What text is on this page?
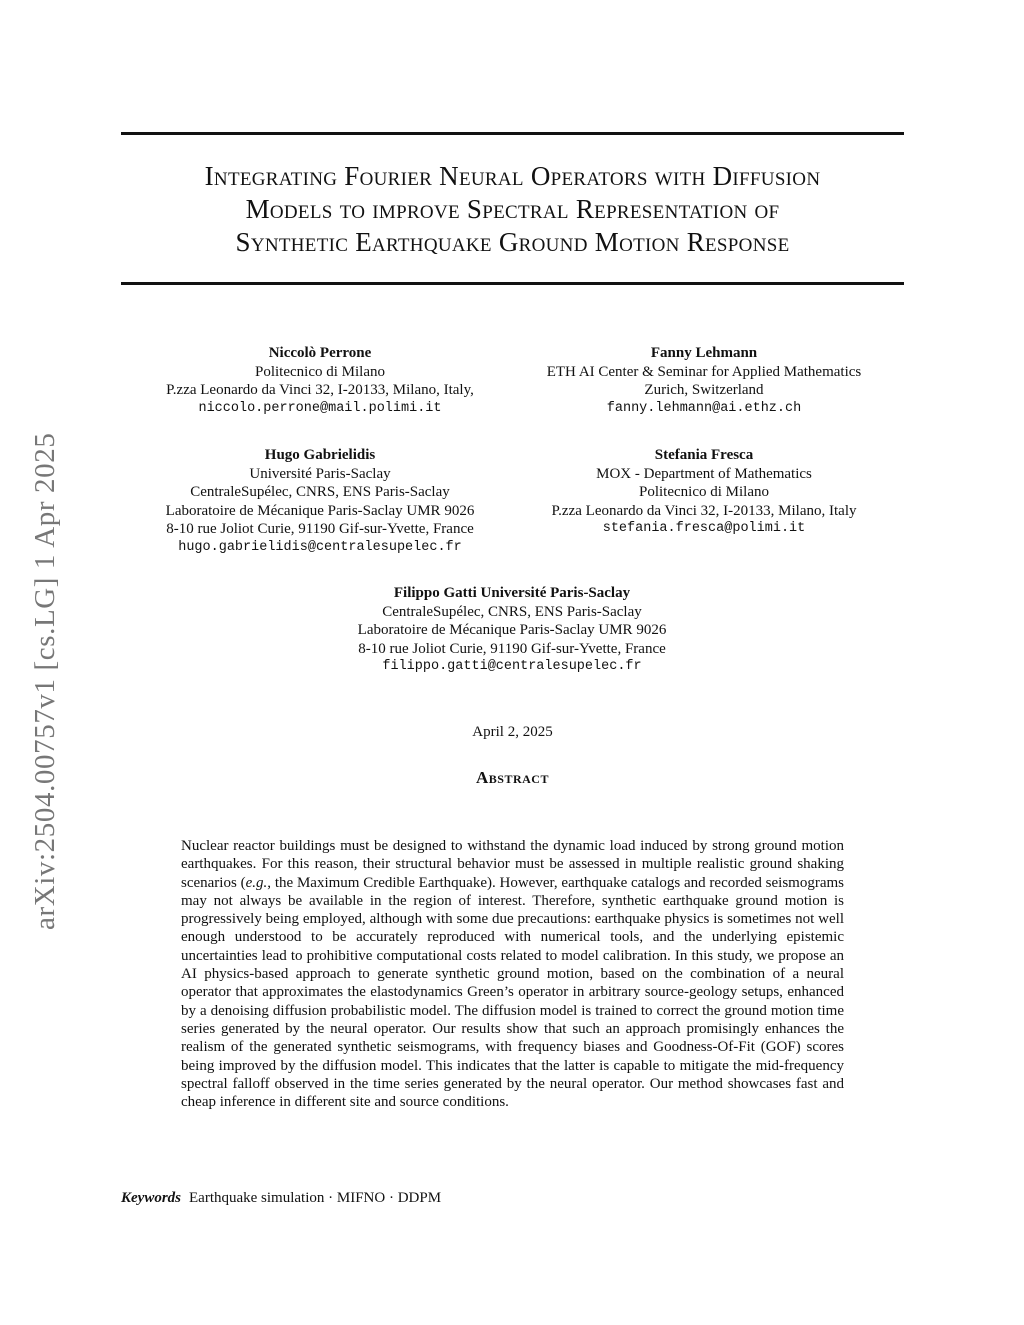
arXiv:2504.00757v1 [cs.LG] 1 Apr 2025
Integrating Fourier Neural Operators with Diffusion
Models to improve Spectral Representation of
Synthetic Earthquake Ground Motion Response
Niccolò Perrone
Politecnico di Milano
P.zza Leonardo da Vinci 32, I-20133, Milano, Italy,
niccolo.perrone@mail.polimi.it
Fanny Lehmann
ETH AI Center & Seminar for Applied Mathematics
Zurich, Switzerland
fanny.lehmann@ai.ethz.ch
Hugo Gabrielidis
Université Paris-Saclay
CentraleSupélec, CNRS, ENS Paris-Saclay
Laboratoire de Mécanique Paris-Saclay UMR 9026
8-10 rue Joliot Curie, 91190 Gif-sur-Yvette, France
hugo.gabrielidis@centralesupelec.fr
Stefania Fresca
MOX - Department of Mathematics
Politecnico di Milano
P.zza Leonardo da Vinci 32, I-20133, Milano, Italy
stefania.fresca@polimi.it
Filippo Gatti Université Paris-Saclay
CentraleSupélec, CNRS, ENS Paris-Saclay
Laboratoire de Mécanique Paris-Saclay UMR 9026
8-10 rue Joliot Curie, 91190 Gif-sur-Yvette, France
filippo.gatti@centralesupelec.fr
April 2, 2025
Abstract
Nuclear reactor buildings must be designed to withstand the dynamic load induced by strong ground motion earthquakes. For this reason, their structural behavior must be assessed in multiple realistic ground shaking scenarios (e.g., the Maximum Credible Earthquake). However, earthquake catalogs and recorded seismograms may not always be available in the region of interest. Therefore, synthetic earthquake ground motion is progressively being employed, although with some due precautions: earthquake physics is sometimes not well enough understood to be accurately reproduced with numerical tools, and the underlying epistemic uncertainties lead to prohibitive computational costs related to model calibration. In this study, we propose an AI physics-based approach to generate synthetic ground motion, based on the combination of a neural operator that approximates the elastodynamics Green’s operator in arbitrary source-geology setups, enhanced by a denoising diffusion probabilistic model. The diffusion model is trained to correct the ground motion time series generated by the neural operator. Our results show that such an approach promisingly enhances the realism of the generated synthetic seismograms, with frequency biases and Goodness-Of-Fit (GOF) scores being improved by the diffusion model. This indicates that the latter is capable to mitigate the mid-frequency spectral falloff observed in the time series generated by the neural operator. Our method showcases fast and cheap inference in different site and source conditions.
Keywords Earthquake simulation · MIFNO · DDPM
